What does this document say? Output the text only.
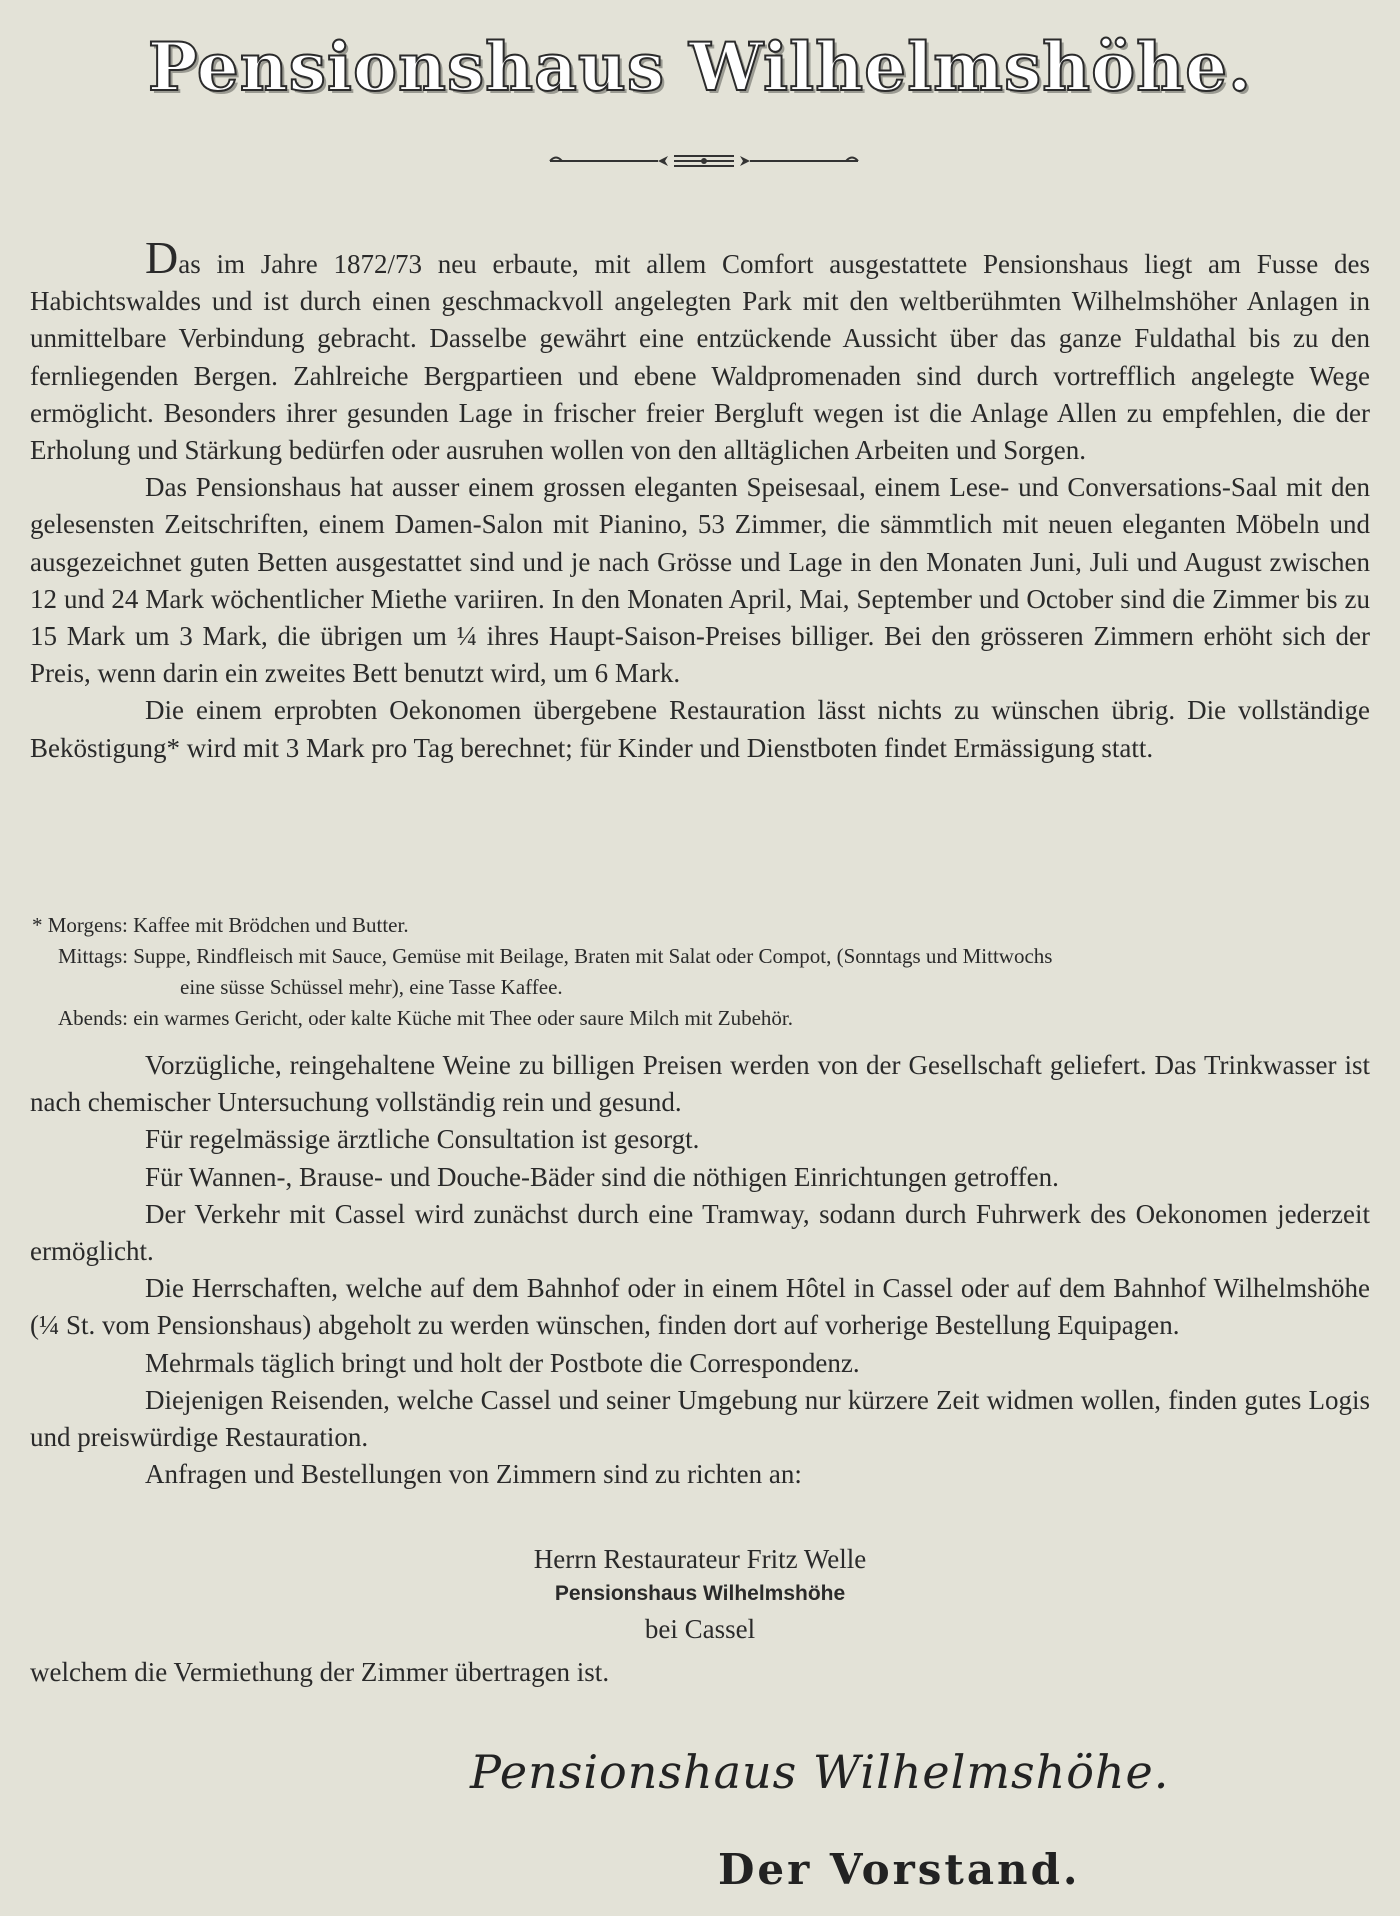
Pensionshaus Wilhelmshöhe.

Das im Jahre 1872/73 neu erbaute, mit allem Comfort ausgestattete Pensionshaus liegt am Fusse des Habichtswaldes und ist durch einen geschmackvoll angelegten Park mit den weltberühmten Wilhelmshöher Anlagen in unmittelbare Verbindung gebracht. Dasselbe gewährt eine entzückende Aussicht über das ganze Fuldathal bis zu den fernliegenden Bergen. Zahlreiche Bergpartieen und ebene Waldpromenaden sind durch vortrefflich angelegte Wege ermöglicht. Besonders ihrer gesunden Lage in frischer freier Bergluft wegen ist die Anlage Allen zu empfehlen, die der Erholung und Stärkung bedürfen oder ausruhen wollen von den alltäglichen Arbeiten und Sorgen.

Das Pensionshaus hat ausser einem grossen eleganten Speisesaal, einem Lese- und Conversations-Saal mit den gelesensten Zeitschriften, einem Damen-Salon mit Pianino, 53 Zimmer, die sämmtlich mit neuen eleganten Möbeln und ausgezeichnet guten Betten ausgestattet sind und je nach Grösse und Lage in den Monaten Juni, Juli und August zwischen 12 und 24 Mark wöchentlicher Miethe variiren. In den Monaten April, Mai, September und October sind die Zimmer bis zu 15 Mark um 3 Mark, die übrigen um ¼ ihres Haupt-Saison-Preises billiger. Bei den grösseren Zimmern erhöht sich der Preis, wenn darin ein zweites Bett benutzt wird, um 6 Mark.

Die einem erprobten Oekonomen übergebene Restauration lässt nichts zu wünschen übrig. Die vollständige Beköstigung* wird mit 3 Mark pro Tag berechnet; für Kinder und Dienstboten findet Ermässigung statt.

* Morgens: Kaffee mit Brödchen und Butter.
Mittags: Suppe, Rindfleisch mit Sauce, Gemüse mit Beilage, Braten mit Salat oder Compot, (Sonntags und Mittwochs
eine süsse Schüssel mehr), eine Tasse Kaffee.
Abends: ein warmes Gericht, oder kalte Küche mit Thee oder saure Milch mit Zubehör.

Vorzügliche, reingehaltene Weine zu billigen Preisen werden von der Gesellschaft geliefert. Das Trinkwasser ist nach chemischer Untersuchung vollständig rein und gesund.

Für regelmässige ärztliche Consultation ist gesorgt.

Für Wannen-, Brause- und Douche-Bäder sind die nöthigen Einrichtungen getroffen.

Der Verkehr mit Cassel wird zunächst durch eine Tramway, sodann durch Fuhrwerk des Oekonomen jederzeit ermöglicht.

Die Herrschaften, welche auf dem Bahnhof oder in einem Hôtel in Cassel oder auf dem Bahnhof Wilhelmshöhe (¼ St. vom Pensionshaus) abgeholt zu werden wünschen, finden dort auf vorherige Bestellung Equipagen.

Mehrmals täglich bringt und holt der Postbote die Correspondenz.

Diejenigen Reisenden, welche Cassel und seiner Umgebung nur kürzere Zeit widmen wollen, finden gutes Logis und preiswürdige Restauration.

Anfragen und Bestellungen von Zimmern sind zu richten an:

Herrn Restaurateur Fritz Welle
Pensionshaus Wilhelmshöhe
bei Cassel
welchem die Vermiethung der Zimmer übertragen ist.
Pensionshaus Wilhelmshöhe.
Der Vorstand.
